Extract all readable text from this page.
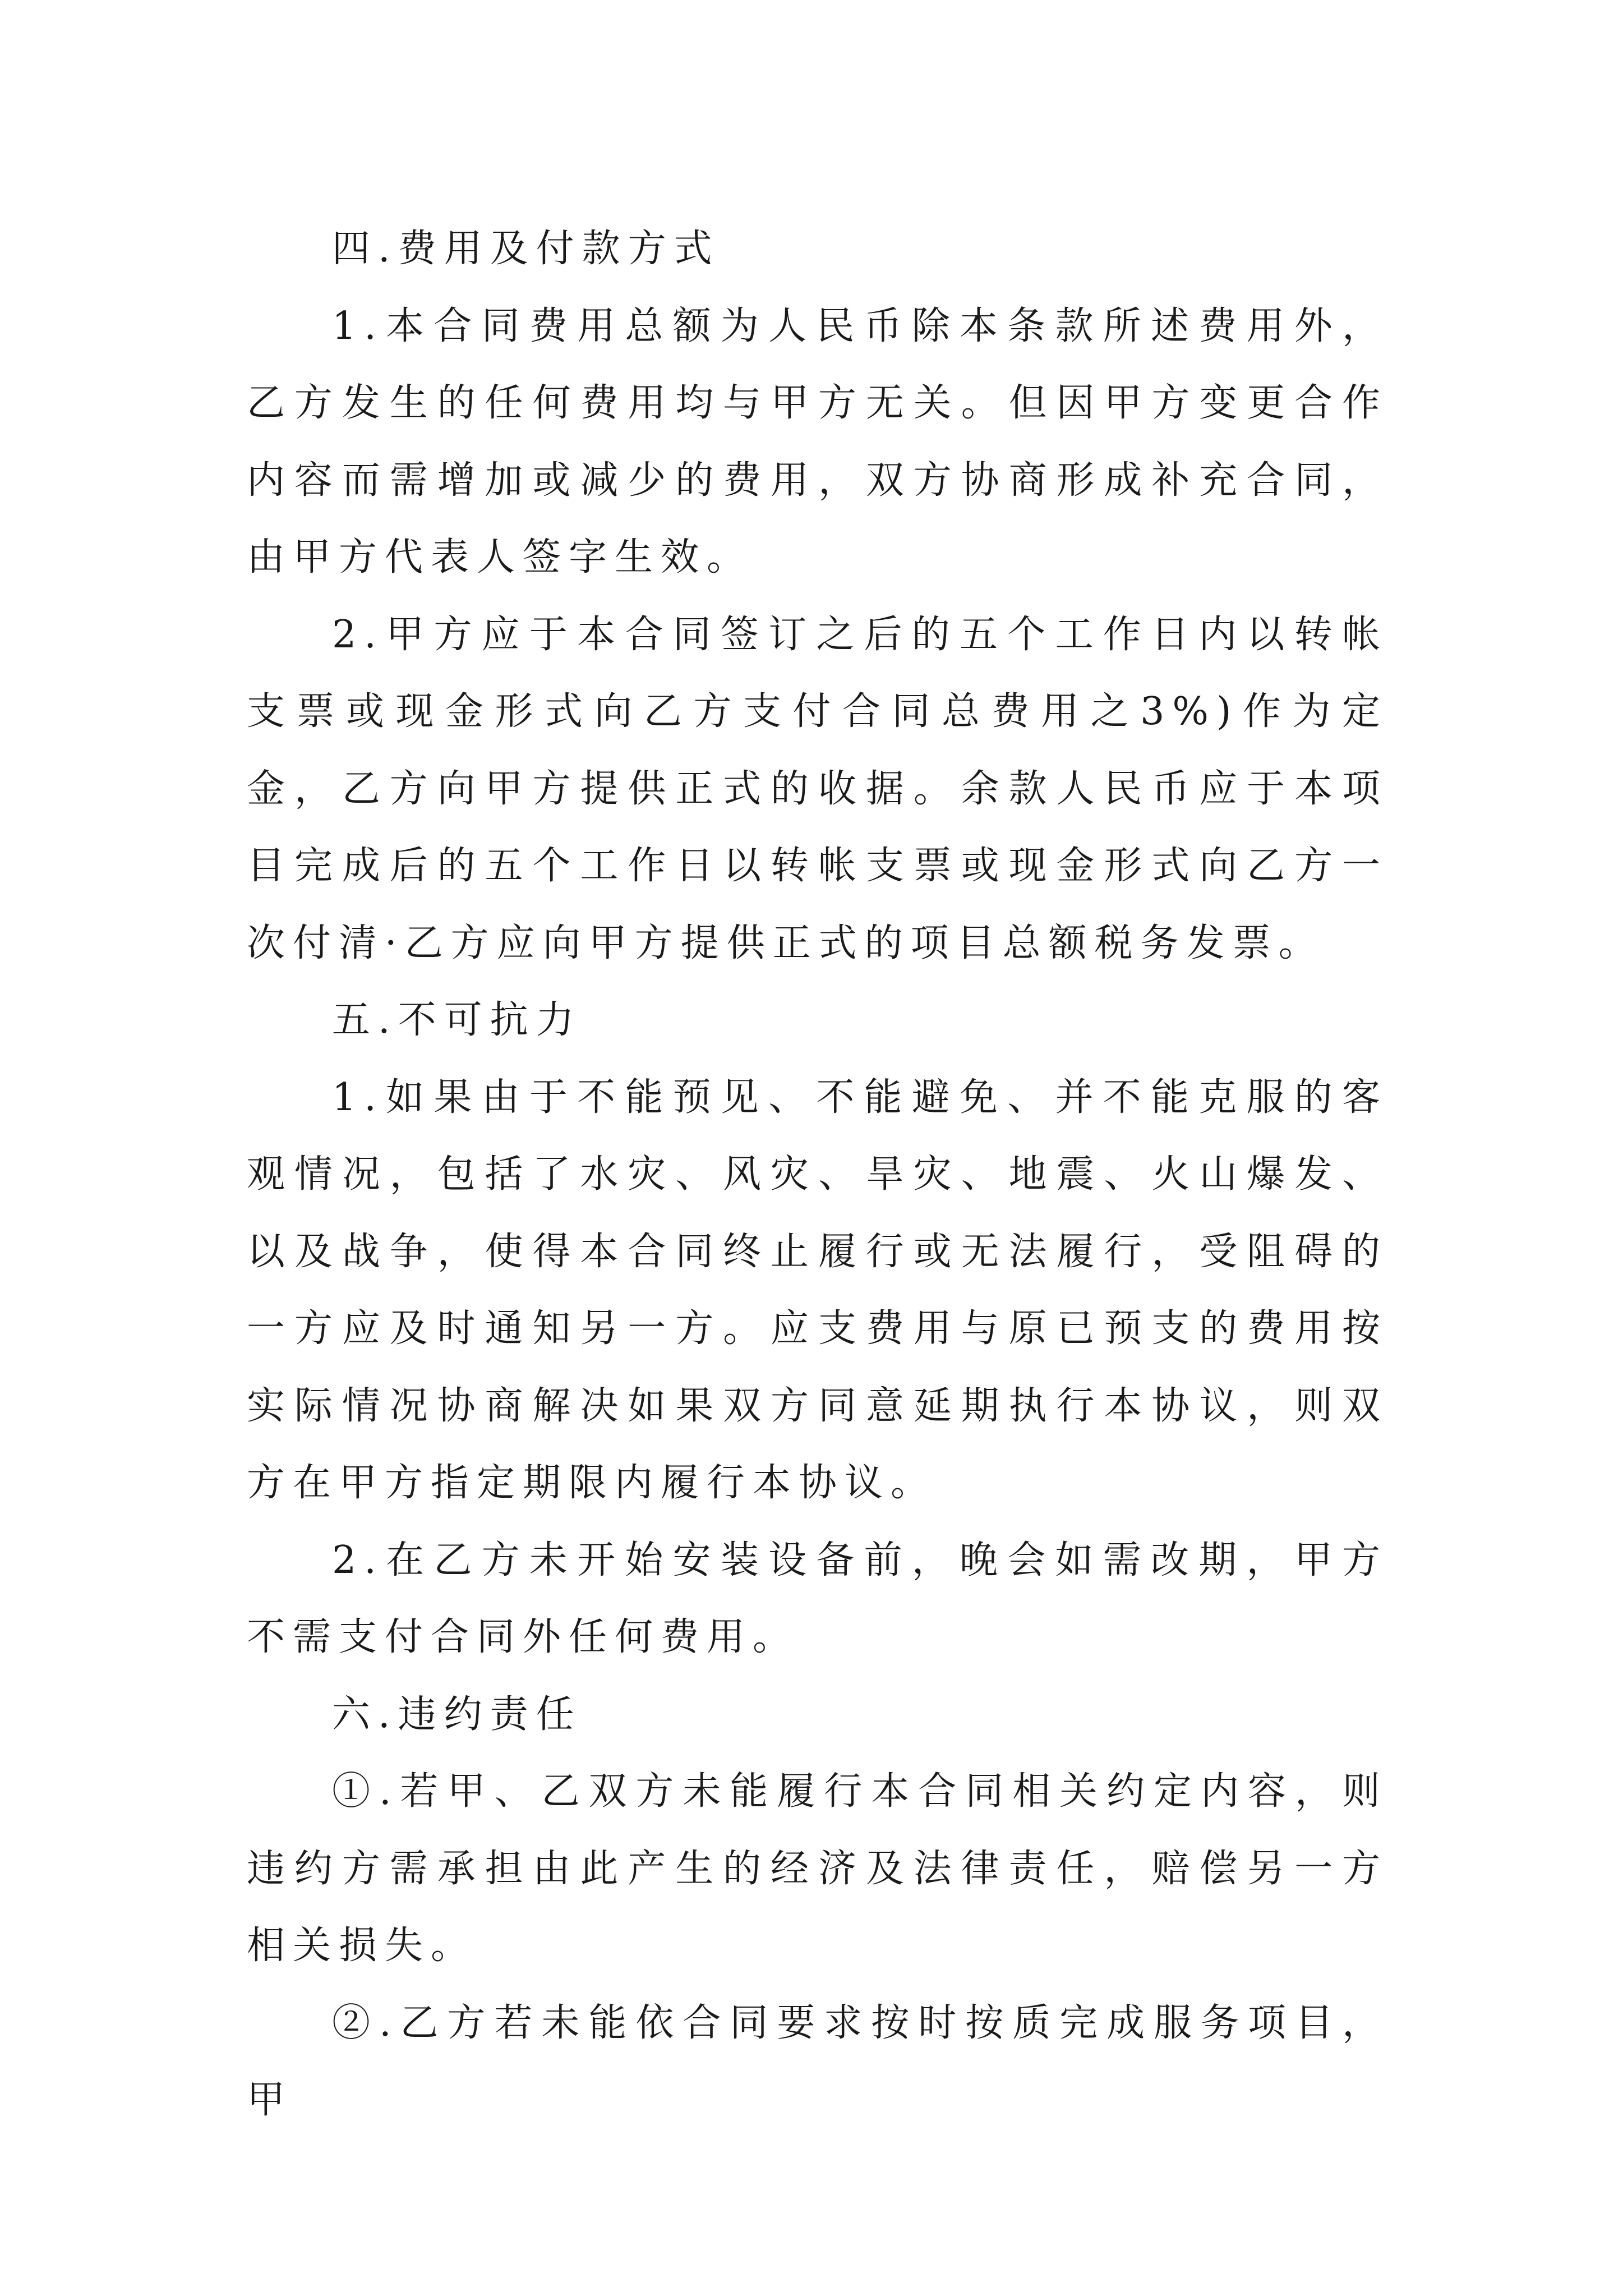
四.费用及付款方式

1.本合同费用总额为人民币除本条款所述费用外，乙方发生的任何费用均与甲方无关。但因甲方变更合作内容而需增加或减少的费用，双方协商形成补充合同，由甲方代表人签字生效。

2.甲方应于本合同签订之后的五个工作日内以转帐支票或现金形式向乙方支付合同总费用之3%)作为定金，乙方向甲方提供正式的收据。余款人民币应于本项目完成后的五个工作日以转帐支票或现金形式向乙方一次付清·乙方应向甲方提供正式的项目总额税务发票。

五.不可抗力

1.如果由于不能预见、不能避免、并不能克服的客观情况，包括了水灾、风灾、旱灾、地震、火山爆发、以及战争，使得本合同终止履行或无法履行，受阻碍的一方应及时通知另一方。应支费用与原已预支的费用按实际情况协商解决如果双方同意延期执行本协议，则双方在甲方指定期限内履行本协议。

2.在乙方未开始安装设备前，晚会如需改期，甲方不需支付合同外任何费用。

六.违约责任

①.若甲、乙双方未能履行本合同相关约定内容，则违约方需承担由此产生的经济及法律责任，赔偿另一方相关损失。

②.乙方若未能依合同要求按时按质完成服务项目，甲
